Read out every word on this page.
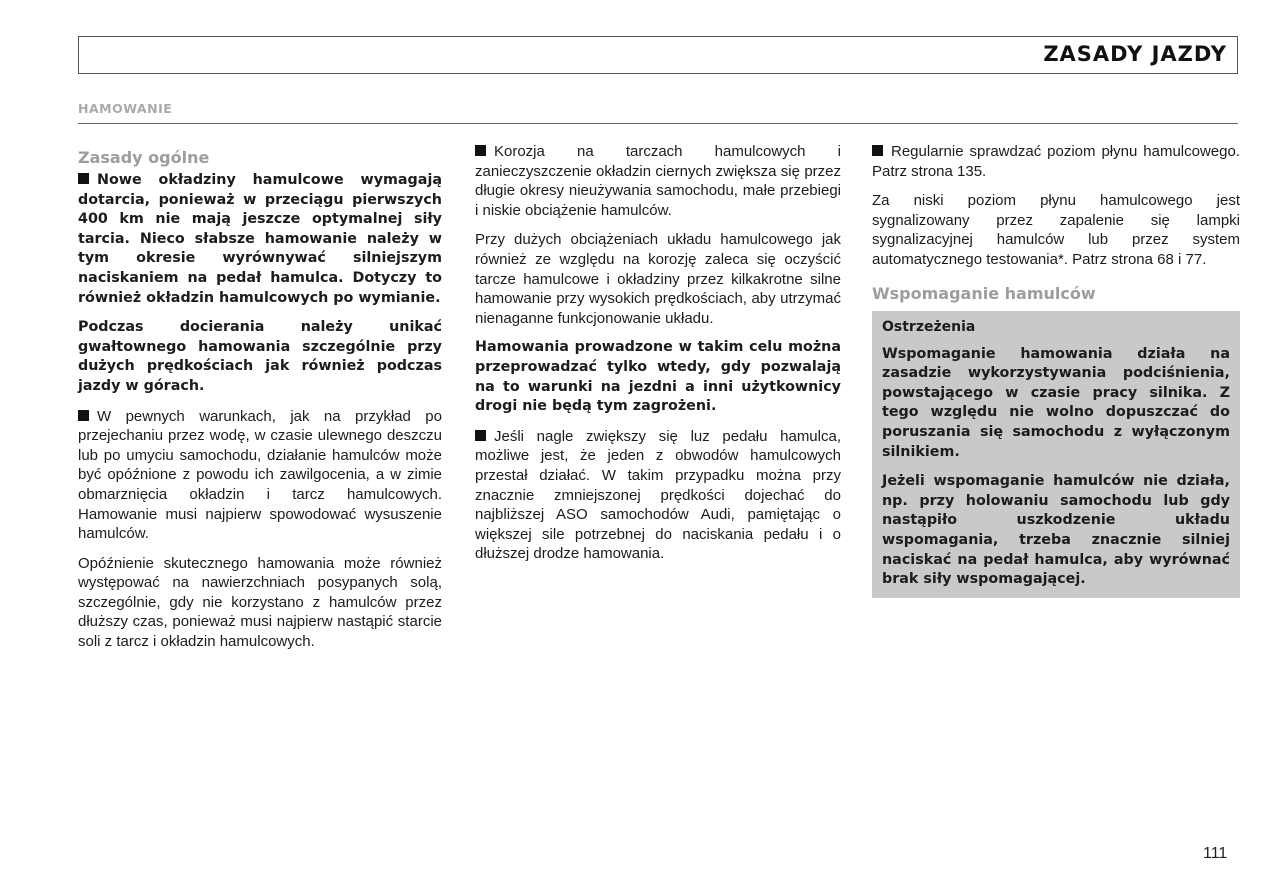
ZASADY JAZDY
HAMOWANIE
Zasady ogólne

Nowe okładziny hamulcowe wymagają dotarcia, ponieważ w przeciągu pierwszych 400 km nie mają jeszcze optymalnej siły tarcia. Nieco słabsze hamowanie należy w tym okresie wyrównywać silniejszym naciskaniem na pedał hamulca. Dotyczy to również okładzin hamulcowych po wymianie.

Podczas docierania należy unikać gwałtownego hamowania szczególnie przy dużych prędkościach jak również podczas jazdy w górach.

W pewnych warunkach, jak na przykład po przejechaniu przez wodę, w czasie ulewnego deszczu lub po umyciu samochodu, działanie hamulców może być opóźnione z powodu ich zawilgocenia, a w zimie obmarznięcia okładzin i tarcz hamulcowych. Hamowanie musi najpierw spowodować wysuszenie hamulców.

Opóźnienie skutecznego hamowania może również występować na nawierzchniach posypanych solą, szczególnie, gdy nie korzystano z hamulców przez dłuższy czas, ponieważ musi najpierw nastąpić starcie soli z tarcz i okładzin hamulcowych.

Korozja na tarczach hamulcowych i zanieczyszczenie okładzin ciernych zwiększa się przez długie okresy nieużywania samochodu, małe przebiegi i niskie obciążenie hamulców.

Przy dużych obciążeniach układu hamulcowego jak również ze względu na korozję zaleca się oczyścić tarcze hamulcowe i okładziny przez kilkakrotne silne hamowanie przy wysokich prędkościach, aby utrzymać nienaganne funkcjonowanie układu.

Hamowania prowadzone w takim celu można przeprowadzać tylko wtedy, gdy pozwalają na to warunki na jezdni a inni użytkownicy drogi nie będą tym zagrożeni.

Jeśli nagle zwiększy się luz pedału hamulca, możliwe jest, że jeden z obwodów hamulcowych przestał działać. W takim przypadku można przy znacznie zmniejszonej prędkości dojechać do najbliższej ASO samochodów Audi, pamiętając o większej sile potrzebnej do naciskania pedału i o dłuższej drodze hamowania.

Regularnie sprawdzać poziom płynu hamulcowego. Patrz strona 135.

Za niski poziom płynu hamulcowego jest sygnalizowany przez zapalenie się lampki sygnalizacyjnej hamulców lub przez system automatycznego testowania*. Patrz strona 68 i 77.

Wspomaganie hamulców
Ostrzeżenia

Wspomaganie hamowania działa na zasadzie wykorzystywania podciśnienia, powstającego w czasie pracy silnika. Z tego względu nie wolno dopuszczać do poruszania się samochodu z wyłączonym silnikiem.

Jeżeli wspomaganie hamulców nie działa, np. przy holowaniu samochodu lub gdy nastąpiło uszkodzenie układu wspomagania, trzeba znacznie silniej naciskać na pedał hamulca, aby wyrównać brak siły wspomagającej.

111
